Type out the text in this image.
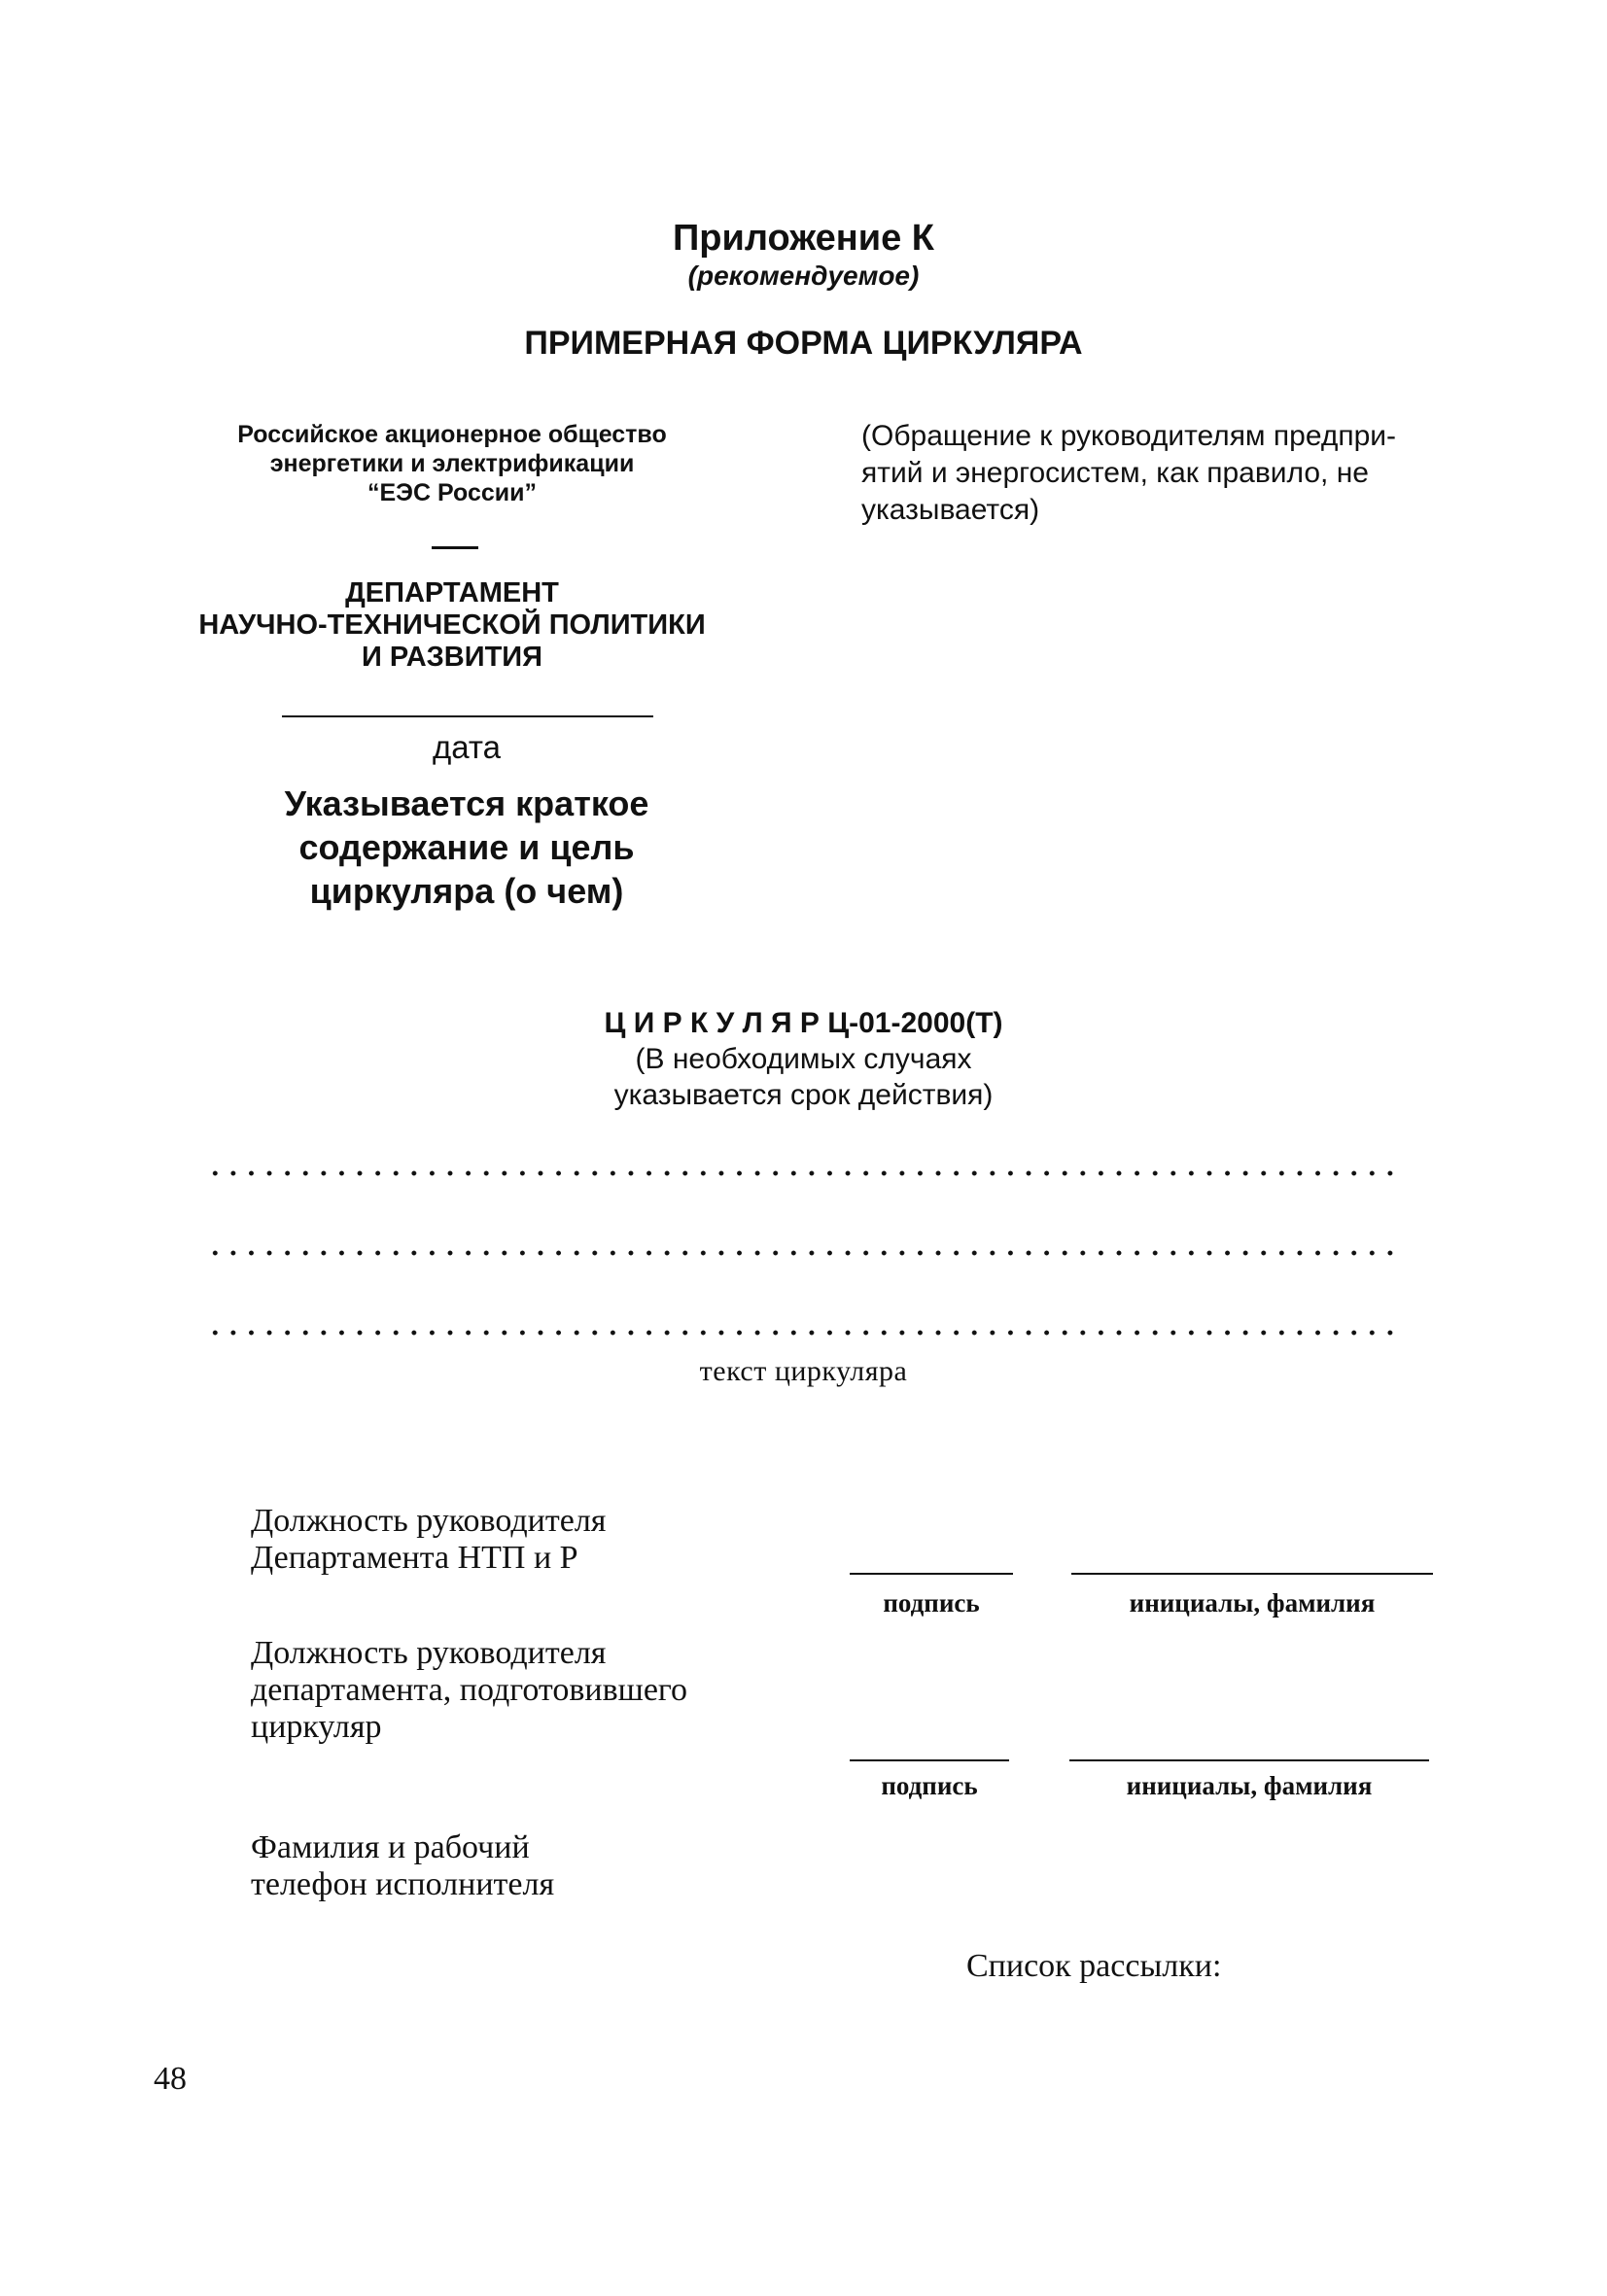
Приложение К
(рекомендуемое)
ПРИМЕРНАЯ ФОРМА ЦИРКУЛЯРА
Российское акционерное общество
энергетики и электрификации
“ЕЭС России”
ДЕПАРТАМЕНТ
НАУЧНО-ТЕХНИЧЕСКОЙ ПОЛИТИКИ
И РАЗВИТИЯ
дата
Указывается краткое
содержание и цель
циркуляра (о чем)
(Обращение к руководителям предпри-
ятий и энергосистем, как правило, не
указывается)
Ц И Р К У Л Я Р Ц-01-2000(Т)
(В необходимых случаях
указывается срок действия)
текст циркуляра
Должность руководителя
Департамента НТП и Р
подпись	инициалы, фамилия
Должность руководителя
департамента, подготовившего
циркуляр
подпись	инициалы, фамилия
Фамилия и рабочий
телефон исполнителя
Список рассылки:
48
